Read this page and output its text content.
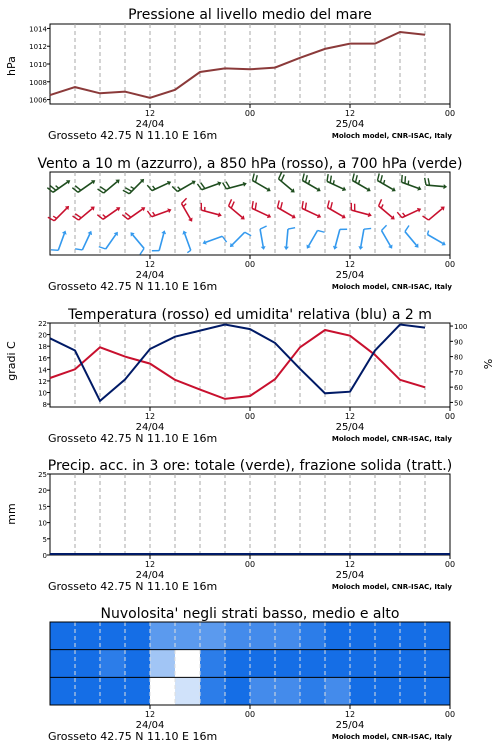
Pressione al livello medio del mare
hPa
1006
1008
1010
1012
1014
12	00	12	00
24/04	25/04
Grosseto 42.75 N 11.10 E 16m	Moloch model, CNR-ISAC, Italy
Vento a 10 m (azzurro), a 850 hPa (rosso), a 700 hPa (verde)
12	00	12	00
24/04	25/04
Grosseto 42.75 N 11.10 E 16m	Moloch model, CNR-ISAC, Italy
Temperatura (rosso) ed umidita' relativa (blu) a 2 m
gradi C	%
8
10
12
14
16
18
20
22
50
60
70
80
90
100
12	00	12	00
24/04	25/04
Grosseto 42.75 N 11.10 E 16m	Moloch model, CNR-ISAC, Italy
Precip. acc. in 3 ore: totale (verde), frazione solida (tratt.)
mm
0
5
10
15
20
25
12	00	12	00
24/04	25/04
Grosseto 42.75 N 11.10 E 16m	Moloch model, CNR-ISAC, Italy
Nuvolosita' negli strati basso, medio e alto
12	00	12	00
24/04	25/04
Grosseto 42.75 N 11.10 E 16m	Moloch model, CNR-ISAC, Italy
